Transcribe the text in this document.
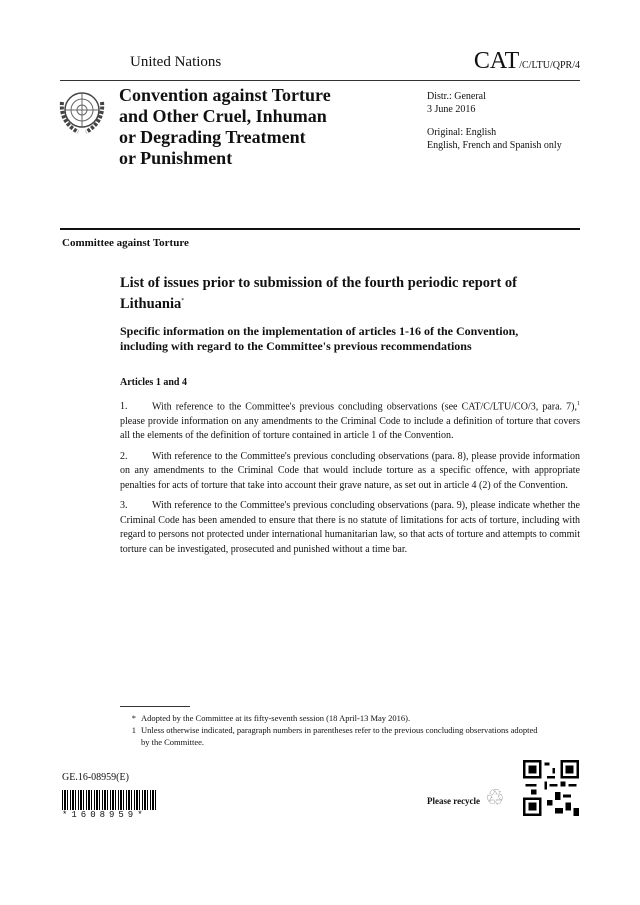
United Nations	CAT/C/LTU/QPR/4
Convention against Torture
and Other Cruel, Inhuman
or Degrading Treatment
or Punishment
Distr.: General
3 June 2016
Original: English
English, French and Spanish only
Committee against Torture
List of issues prior to submission of the fourth periodic report of Lithuania*
Specific information on the implementation of articles 1-16 of the Convention, including with regard to the Committee's previous recommendations
Articles 1 and 4
1. With reference to the Committee's previous concluding observations (see CAT/C/LTU/CO/3, para. 7),$^1$ please provide information on any amendments to the Criminal Code to include a definition of torture that covers all the elements of the definition of torture contained in article 1 of the Convention.
2. With reference to the Committee's previous concluding observations (para. 8), please provide information on any amendments to the Criminal Code that would include torture as a specific offence, with appropriate penalties for acts of torture that take into account their grave nature, as set out in article 4 (2) of the Convention.
3. With reference to the Committee's previous concluding observations (para. 9), please indicate whether the Criminal Code has been amended to ensure that there is no statute of limitations for acts of torture, including with regard to persons not protected under international humanitarian law, so that acts of torture and attempts to commit torture can be investigated, prosecuted and punished without a time bar.
* Adopted by the Committee at its fifty-seventh session (18 April-13 May 2016).
1 Unless otherwise indicated, paragraph numbers in parentheses refer to the previous concluding observations adopted by the Committee.
GE.16-08959(E)
*1608959*
Please recycle ♲
